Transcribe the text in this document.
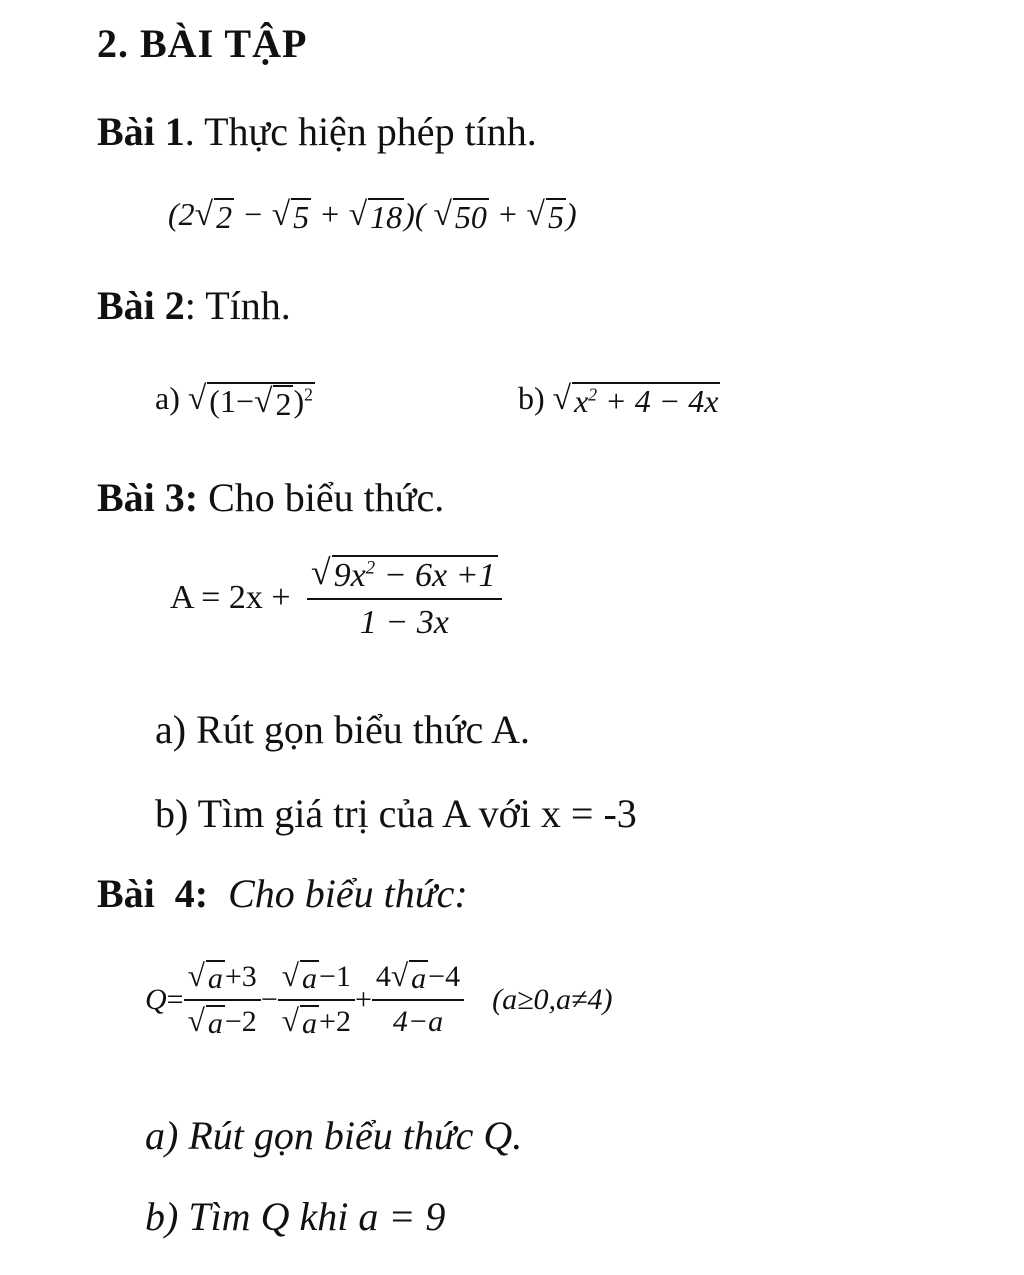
2. BÀI TẬP
Bài 1. Thực hiện phép tính.
(2 √ 2 − √ 5 + √ 18 )( √ 50 + √ 5 )
Bài 2: Tính.
a) √ (1− √ 2 )$^2$	b) √ $x^2 + 4 - 4x$
Bài 3: Cho biểu thức.
$A = 2x + \frac{√ 9x^2 - 6x +1}{1 - 3x}$
a) Rút gọn biểu thức A.
b) Tìm giá trị của A với x = -3
Bài  4:  Cho biểu thức:
$Q = \frac{√ a +3}{√ a -2} - \frac{√ a -1}{√ a +2} + \frac{4 √ a -4}{4-a} (a\ge 0,a\ne 4)$
a) Rút gọn biểu thức Q.
b) Tìm Q khi a = 9
